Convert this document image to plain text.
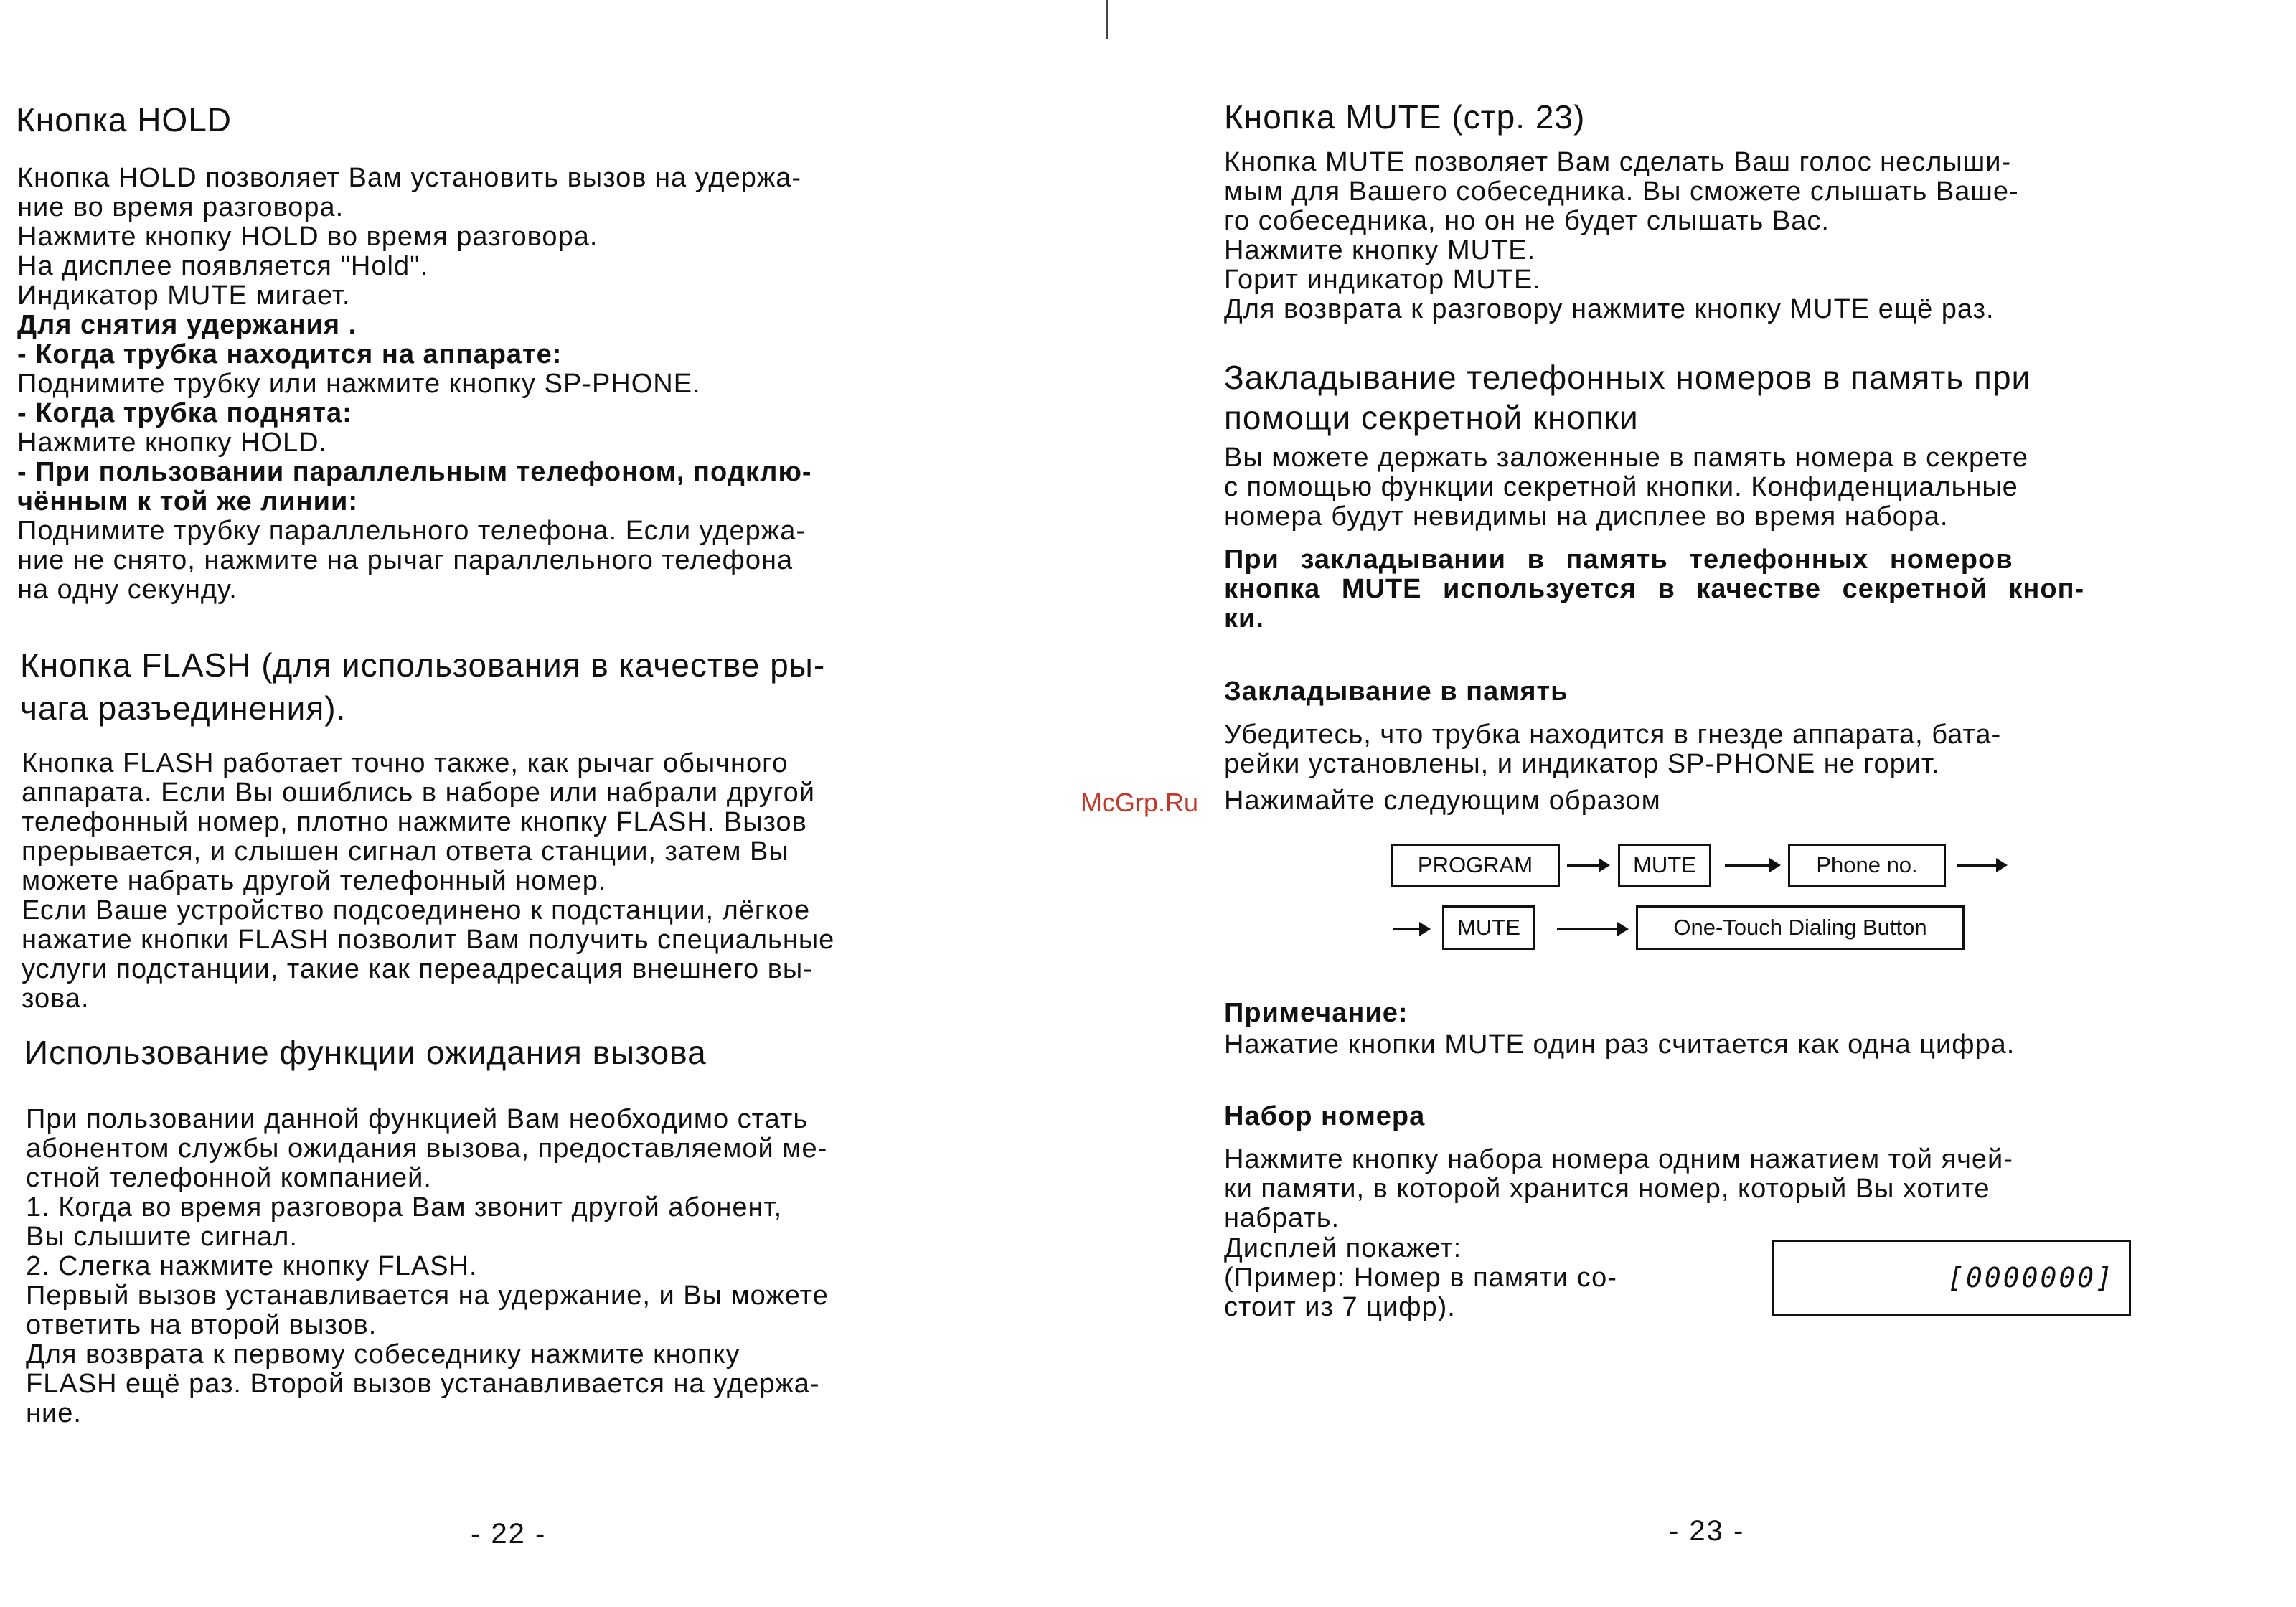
Кнопка HOLD
Кнопка HOLD позволяет Вам установить вызов на удержа-
ние во время разговора.
Нажмите кнопку HOLD во время разговора.
На дисплее появляется "Hold".
Индикатор MUTE мигает.
Для снятия удержания .
- Когда трубка находится на аппарате:
Поднимите трубку или нажмите кнопку SP-PHONE.
- Когда трубка поднята:
Нажмите кнопку HOLD.
- При пользовании параллельным телефоном, подклю-
чённым к той же линии:
Поднимите трубку параллельного телефона. Если удержа-
ние не снято, нажмите на рычаг параллельного телефона
на одну секунду.
Кнопка FLASH (для использования в качестве ры-
чага разъединения).
Кнопка FLASH работает точно также, как рычаг обычного
аппарата. Если Вы ошиблись в наборе или набрали другой
телефонный номер, плотно нажмите кнопку FLASH. Вызов
прерывается, и слышен сигнал ответа станции, затем Вы
можете набрать другой телефонный номер.
Если Ваше устройство подсоединено к подстанции, лёгкое
нажатие кнопки FLASH позволит Вам получить специальные
услуги подстанции, такие как переадресация внешнего вы-
зова.
Использование функции ожидания вызова
При пользовании данной функцией Вам необходимо стать
абонентом службы ожидания вызова, предоставляемой ме-
стной телефонной компанией.
1. Когда во время разговора Вам звонит другой абонент,
Вы слышите сигнал.
2. Слегка нажмите кнопку FLASH.
Первый вызов устанавливается на удержание, и Вы можете
ответить на второй вызов.
Для возврата к первому собеседнику нажмите кнопку
FLASH ещё раз. Второй вызов устанавливается на удержа-
ние.
- 22 -
Кнопка MUTE (стр. 23)
Кнопка MUTE позволяет Вам сделать Ваш голос неслыши-
мым для Вашего собеседника. Вы сможете слышать Ваше-
го собеседника, но он не будет слышать Вас.
Нажмите кнопку MUTE.
Горит индикатор MUTE.
Для возврата к разговору нажмите кнопку MUTE ещё раз.
Закладывание телефонных номеров в память при
помощи секретной кнопки
Вы можете держать заложенные в память номера в секрете
с помощью функции секретной кнопки. Конфиденциальные
номера будут невидимы на дисплее во время набора.
При закладывании в память телефонных номеров
кнопка MUTE используется в качестве секретной кноп-
ки.
Закладывание в память
Убедитесь, что трубка находится в гнезде аппарата, бата-
рейки установлены, и индикатор SP-PHONE не горит.
Нажимайте следующим образом
PROGRAM	MUTE	Phone no.
MUTE	One-Touch Dialing Button
Примечание:
Нажатие кнопки MUTE один раз считается как одна цифра.
Набор номера
Нажмите кнопку набора номера одним нажатием той ячей-
ки памяти, в которой хранится номер, который Вы хотите
набрать.
Дисплей покажет:
(Пример: Номер в памяти со-
стоит из 7 цифр).
[0000000]
- 23 -
McGrp.Ru
